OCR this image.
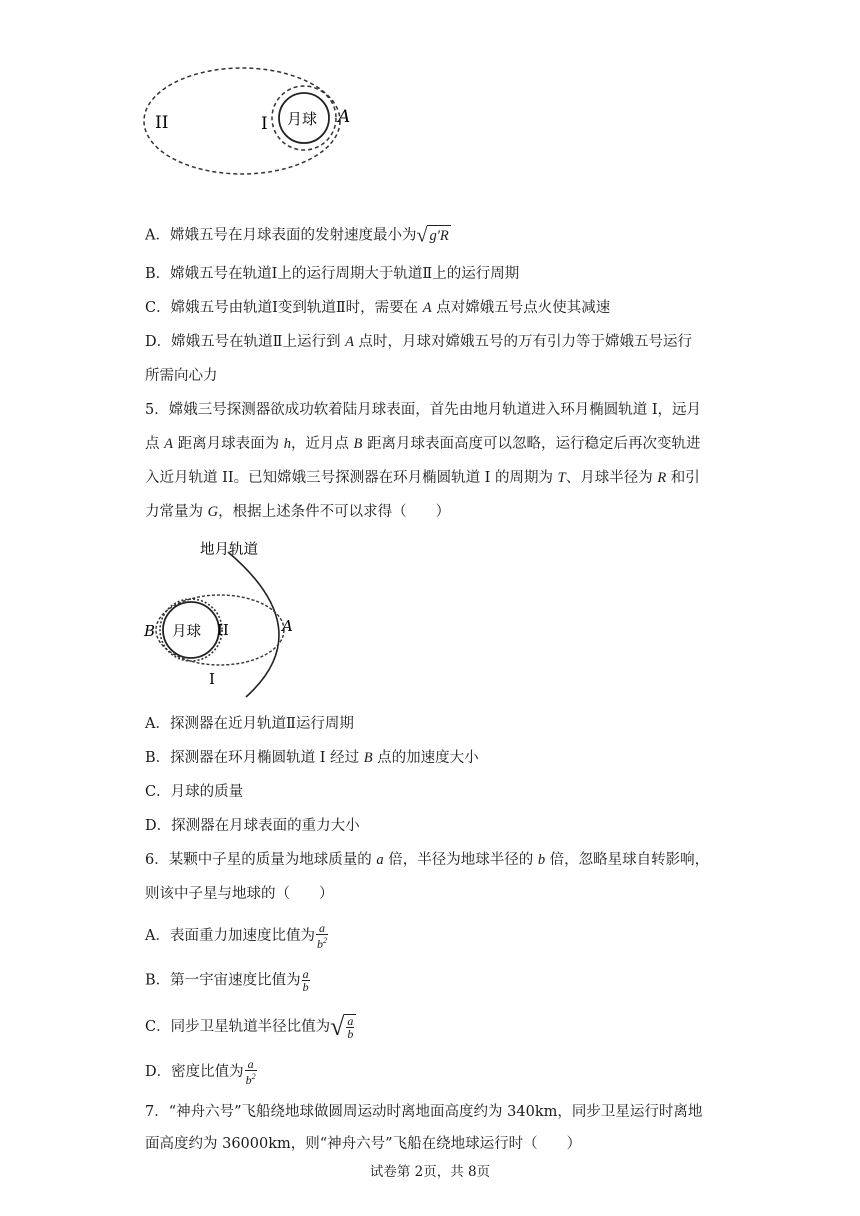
II	I 月球 A
A．嫦娥五号在月球表面的发射速度最小为√ g′R
B．嫦娥五号在轨道Ⅰ上的运行周期大于轨道Ⅱ上的运行周期
C．嫦娥五号由轨道Ⅰ变到轨道Ⅱ时，需要在 A 点对嫦娥五号点火使其减速
D．嫦娥五号在轨道Ⅱ上运行到 A 点时，月球对嫦娥五号的万有引力等于嫦娥五号运行
所需向心力
5．嫦娥三号探测器欲成功软着陆月球表面，首先由地月轨道进入环月椭圆轨道 I，远月
点 A 距离月球表面为 h，近月点 B 距离月球表面高度可以忽略，运行稳定后再次变轨进
入近月轨道 II。已知嫦娥三号探测器在环月椭圆轨道 I 的周期为 T、月球半径为 R 和引
力常量为 G，根据上述条件不可以求得（　　）
地月轨道
B 月球 II	A
I
A．探测器在近月轨道Ⅱ运行周期
B．探测器在环月椭圆轨道 I 经过 B 点的加速度大小
C．月球的质量
D．探测器在月球表面的重力大小
6．某颗中子星的质量为地球质量的 a 倍，半径为地球半径的 b 倍，忽略星球自转影响，
则该中子星与地球的（　　）
A．表面重力加速度比值为 $\frac{a}{b^2}$
B．第一宇宙速度比值为 $\frac{a}{b}$
C．同步卫星轨道半径比值为√ $\frac{a}{b}$
D．密度比值为 $\frac{a}{b^2}$
7．“神舟六号”飞船绕地球做圆周运动时离地面高度约为 340km，同步卫星运行时离地
面高度约为 36000km，则“神舟六号”飞船在绕地球运行时（　　）
试卷第 2页，共 8页
